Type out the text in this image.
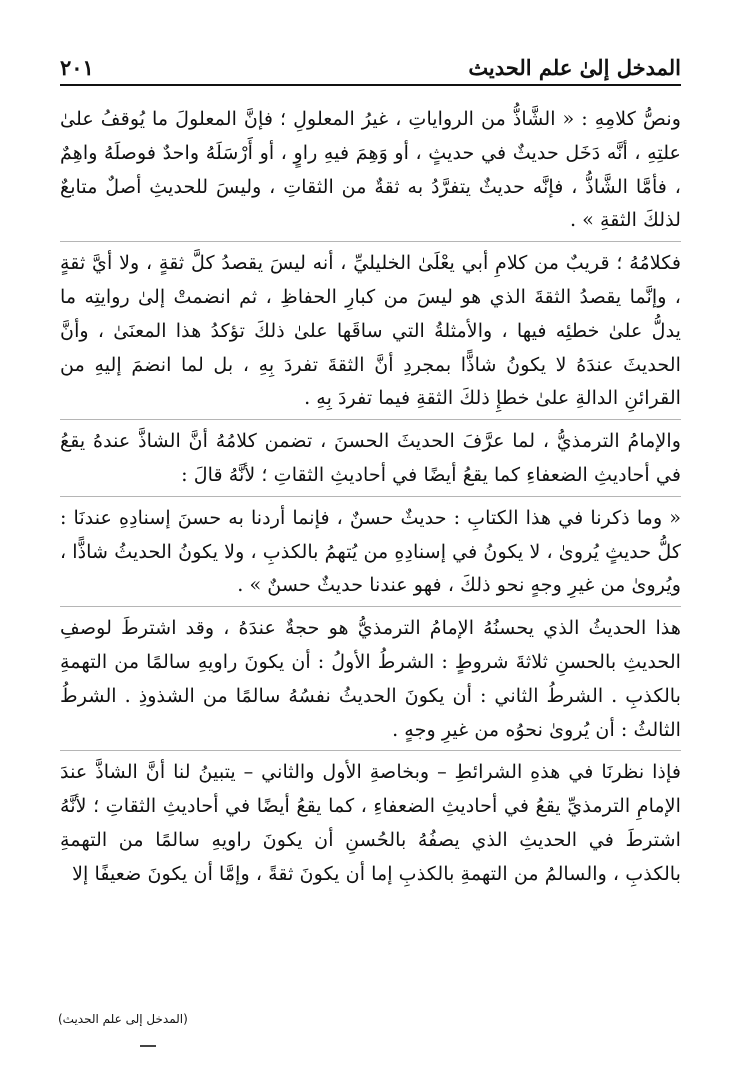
المدخل إلىٰ علم الحديث
٢٠١

ونصُّ كلامِهِ : « الشَّاذُّ من الرواياتِ ، غيرُ المعلولِ ؛ فإنَّ المعلولَ ما يُوقفُ علىٰ علتِهِ ، أنَّه دَخَل حديثٌ في حديثٍ ، أو وَهِمَ فيهِ راوٍ ، أو أَرْسَلَهُ واحدٌ فوصلَهُ واهِمٌ ، فأمَّا الشَّاذُّ ، فإنَّه حديثٌ يتفرَّدُ به ثقةٌ من الثقاتِ ، وليسَ للحديثِ أصلٌ متابعٌ لذلكَ الثقةِ » .

فكلامُهُ ؛ قريبٌ من كلامِ أبي يعْلَىٰ الخليليِّ ، أنه ليسَ يقصدُ كلَّ ثقةٍ ، ولا أيَّ ثقةٍ ، وإنَّما يقصدُ الثقةَ الذي هو ليسَ من كبارِ الحفاظِ ، ثم انضمتْ إلىٰ روايتِه ما يدلُّ علىٰ خطئِه فيها ، والأمثلةُ التي ساقَها علىٰ ذلكَ تؤكدُ هذا المعنَىٰ ، وأنَّ الحديثَ عندَهُ لا يكونُ شاذًّا بمجردِ أنَّ الثقةَ تفردَ بِهِ ، بل لما انضمَ إليهِ من القرائنِ الدالةِ علىٰ خطإِ ذلكَ الثقةِ فيما تفردَ بِهِ .

والإمامُ الترمذيُّ ، لما عرَّفَ الحديثَ الحسنَ ، تضمن كلامُهُ أنَّ الشاذَّ عندهُ يقعُ في أحاديثِ الضعفاءِ كما يقعُ أيضًا في أحاديثِ الثقاتِ ؛ لأنَّهُ قالَ :

« وما ذكرنا في هذا الكتابِ : حديثٌ حسنٌ ، فإنما أردنا به حسنَ إسنادِهِ عندنَا : كلُّ حديثٍ يُروىٰ ، لا يكونُ في إسنادِهِ من يُتهمُ بالكذبِ ، ولا يكونُ الحديثُ شاذًّا ، ويُروىٰ من غيرِ وجهٍ نحو ذلكَ ، فهو عندنا حديثٌ حسنٌ » .

هذا الحديثُ الذي يحسنُهُ الإمامُ الترمذيُّ هو حجةٌ عندَهُ ، وقد اشترطَ لوصفِ الحديثِ بالحسنِ ثلاثةَ شروطٍ : الشرطُ الأولُ : أن يكونَ راويهِ سالمًا من التهمةِ بالكذبِ . الشرطُ الثاني : أن يكونَ الحديثُ نفسُهُ سالمًا من الشذوذِ . الشرطُ الثالثُ : أن يُروىٰ نحوُه من غيرِ وجهٍ .

فإذا نظرنَا في هذهِ الشرائطِ – وبخاصةِ الأول والثاني – يتبينُ لنا أنَّ الشاذَّ عندَ الإمامِ الترمذيِّ يقعُ في أحاديثِ الضعفاءِ ، كما يقعُ أيضًا في أحاديثِ الثقاتِ ؛ لأنَّهُ اشترطَ في الحديثِ الذي يصفُهُ بالحُسنِ أن يكونَ راويهِ سالمًا من التهمةِ بالكذبِ ، والسالمُ من التهمةِ بالكذبِ إما أن يكونَ ثقةً ، وإمَّا أن يكونَ ضعيفًا إلا

(المدخل إلى علم الحديث)
